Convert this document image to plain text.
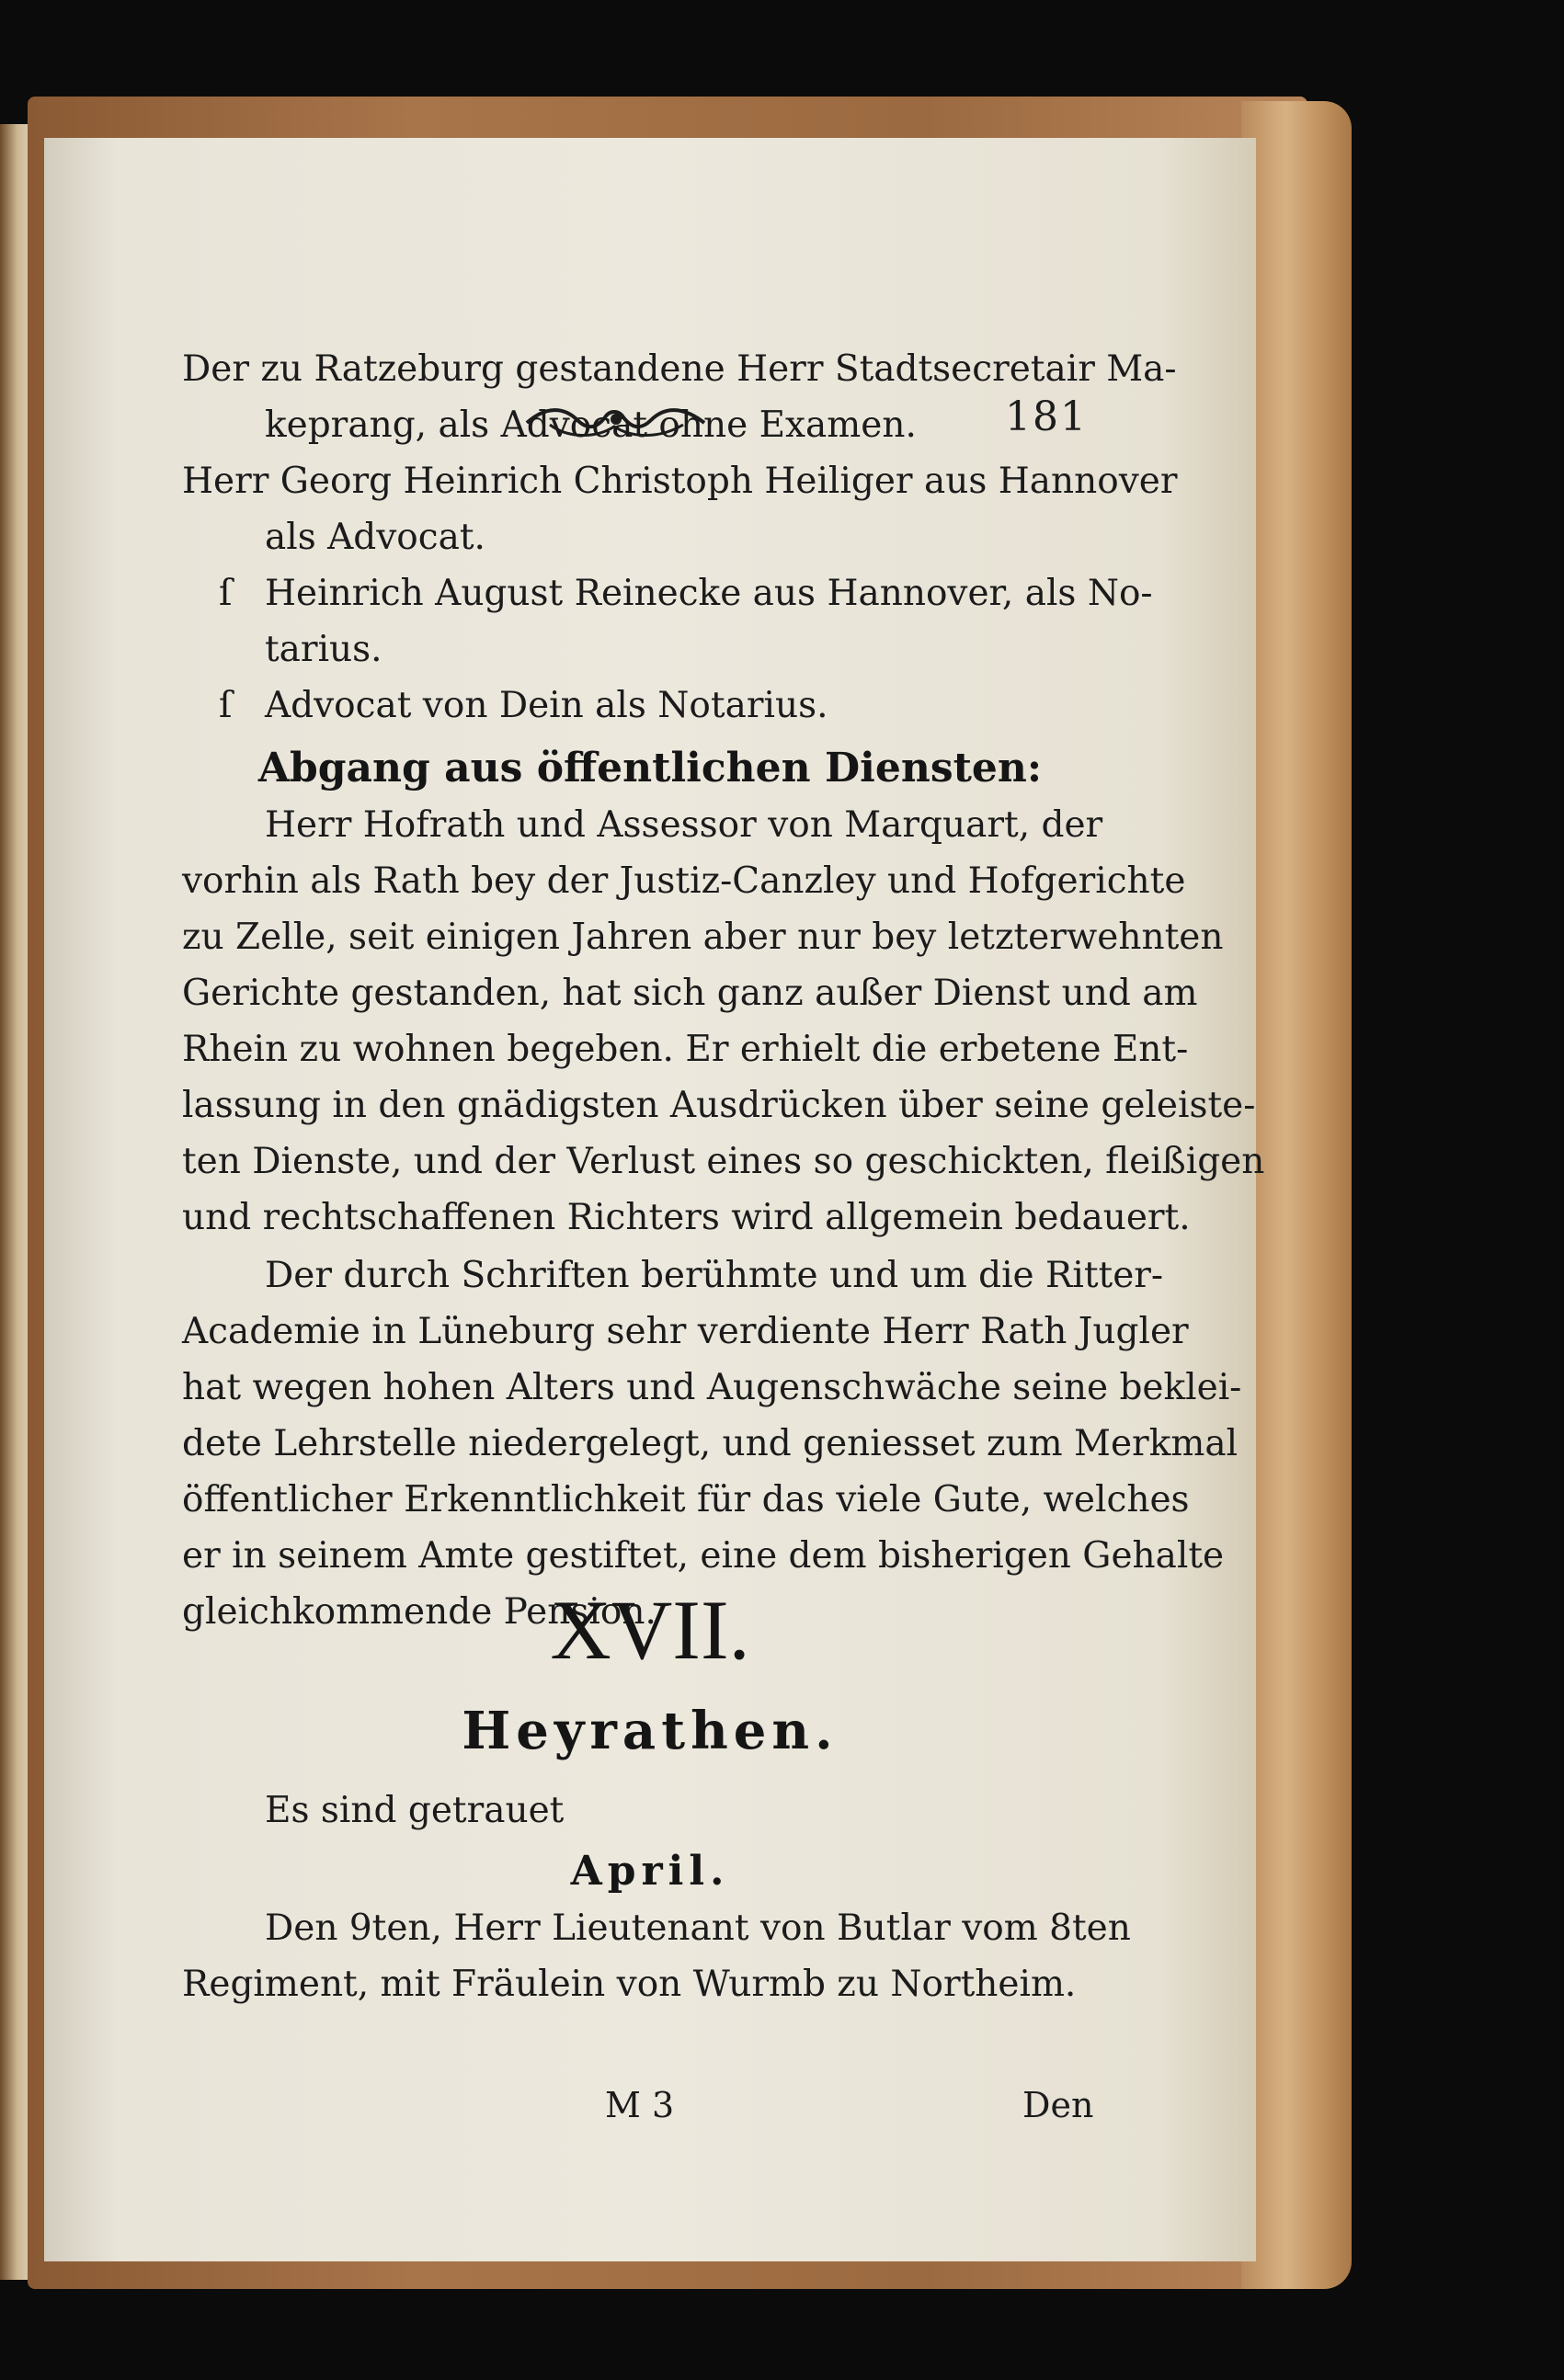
181
Der zu Ratzeburg gestandene Herr Stadtsecretair Ma-
keprang, als Advocat ohne Examen.
Herr Georg Heinrich Christoph Heiliger aus Hannover
als Advocat.
ſ Heinrich August Reinecke aus Hannover, als No-
tarius.
ſ Advocat von Dein als Notarius.
Abgang aus öffentlichen Diensten:
Herr Hofrath und Assessor von Marquart, der
vorhin als Rath bey der Justiz-Canzley und Hofgerichte
zu Zelle, seit einigen Jahren aber nur bey letzterwehnten
Gerichte gestanden, hat sich ganz außer Dienst und am
Rhein zu wohnen begeben. Er erhielt die erbetene Ent-
lassung in den gnädigsten Ausdrücken über seine geleiste-
ten Dienste, und der Verlust eines so geschickten, fleißigen
und rechtschaffenen Richters wird allgemein bedauert.
Der durch Schriften berühmte und um die Ritter-
Academie in Lüneburg sehr verdiente Herr Rath Jugler
hat wegen hohen Alters und Augenschwäche seine beklei-
dete Lehrstelle niedergelegt, und geniesset zum Merkmal
öffentlicher Erkenntlichkeit für das viele Gute, welches
er in seinem Amte gestiftet, eine dem bisherigen Gehalte
gleichkommende Pension.
XVII.
Heyrathen.
Es sind getrauet
April.
Den 9ten, Herr Lieutenant von Butlar vom 8ten
Regiment, mit Fräulein von Wurmb zu Northeim.
M 3	Den
